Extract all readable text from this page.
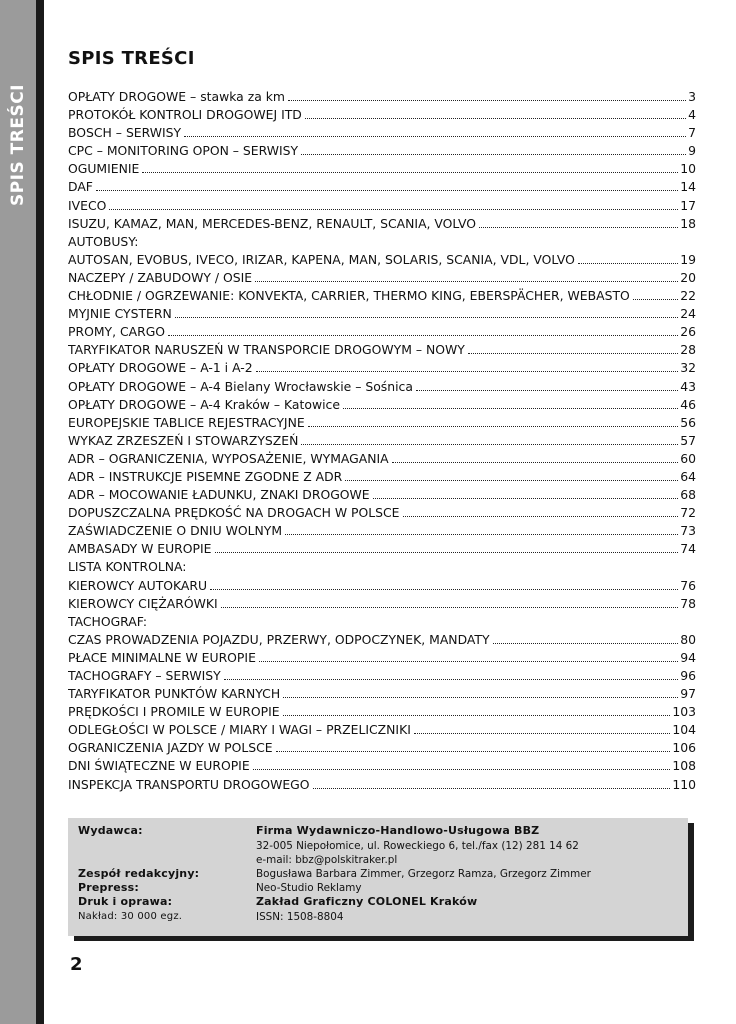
SPIS TREŚCI
SPIS TREŚCI
OPŁATY DROGOWE – stawka za km	3
PROTOKÓŁ KONTROLI DROGOWEJ ITD	4
BOSCH – SERWISY	7
CPC – MONITORING OPON – SERWISY	9
OGUMIENIE	10
DAF	14
IVECO	17
ISUZU, KAMAZ, MAN, MERCEDES-BENZ, RENAULT, SCANIA, VOLVO	18
AUTOBUSY:
AUTOSAN, EVOBUS, IVECO, IRIZAR, KAPENA, MAN, SOLARIS, SCANIA, VDL, VOLVO	19
NACZEPY / ZABUDOWY / OSIE	20
CHŁODNIE / OGRZEWANIE: KONVEKTA, CARRIER, THERMO KING, EBERSPÄCHER, WEBASTO	22
MYJNIE CYSTERN	24
PROMY, CARGO	26
TARYFIKATOR NARUSZEŃ W TRANSPORCIE DROGOWYM – NOWY	28
OPŁATY DROGOWE – A-1 i A-2	32
OPŁATY DROGOWE – A-4 Bielany Wrocławskie – Sośnica	43
OPŁATY DROGOWE – A-4 Kraków – Katowice	46
EUROPEJSKIE TABLICE REJESTRACYJNE	56
WYKAZ ZRZESZEŃ I STOWARZYSZEŃ	57
ADR – OGRANICZENIA, WYPOSAŻENIE, WYMAGANIA	60
ADR – INSTRUKCJE PISEMNE ZGODNE Z ADR	64
ADR – MOCOWANIE ŁADUNKU, ZNAKI DROGOWE	68
DOPUSZCZALNA PRĘDKOŚĆ NA DROGACH W POLSCE	72
ZAŚWIADCZENIE O DNIU WOLNYM	73
AMBASADY W EUROPIE	74
LISTA KONTROLNA:
KIEROWCY AUTOKARU	76
KIEROWCY CIĘŻARÓWKI	78
TACHOGRAF:
CZAS PROWADZENIA POJAZDU, PRZERWY, ODPOCZYNEK, MANDATY	80
PŁACE MINIMALNE W EUROPIE	94
TACHOGRAFY – SERWISY	96
TARYFIKATOR PUNKTÓW KARNYCH	97
PRĘDKOŚCI I PROMILE W EUROPIE	103
ODLEGŁOŚCI W POLSCE / MIARY I WAGI – PRZELICZNIKI	104
OGRANICZENIA JAZDY W POLSCE	106
DNI ŚWIĄTECZNE W EUROPIE	108
INSPEKCJA TRANSPORTU DROGOWEGO	110
Wydawca:	Firma Wydawniczo-Handlowo-Usługowa BBZ
32-005 Niepołomice, ul. Roweckiego 6, tel./fax (12) 281 14 62
e-mail: bbz@polskitraker.pl
Zespół redakcyjny:	Bogusława Barbara Zimmer, Grzegorz Ramza, Grzegorz Zimmer
Prepress:	Neo-Studio Reklamy
Druk i oprawa:	Zakład Graficzny COLONEL Kraków
Nakład: 30 000 egz.	ISSN: 1508-8804
2
